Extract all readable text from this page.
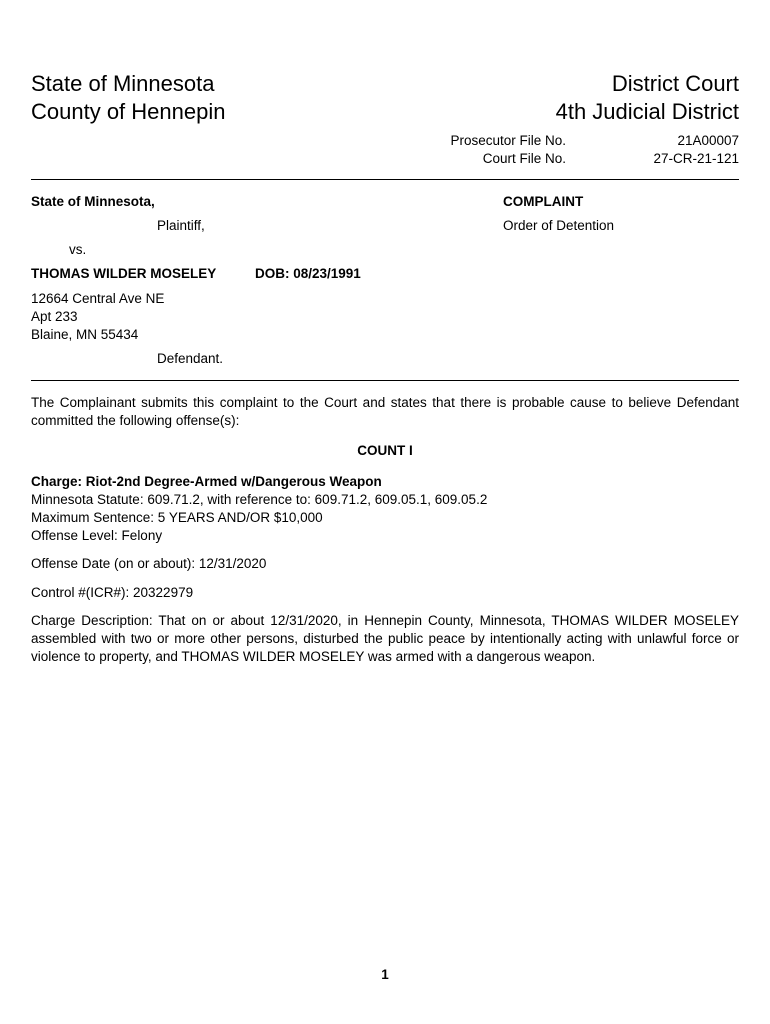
State of Minnesota
County of Hennepin
District Court
4th Judicial District
Prosecutor File No.	21A00007
Court File No.	27-CR-21-121
State of Minnesota,
Plaintiff,
vs.
THOMAS WILDER MOSELEY	DOB: 08/23/1991
12664 Central Ave NE
Apt 233
Blaine, MN 55434
Defendant.
COMPLAINT
Order of Detention
The Complainant submits this complaint to the Court and states that there is probable cause to believe Defendant committed the following offense(s):
COUNT I
Charge: Riot-2nd Degree-Armed w/Dangerous Weapon
Minnesota Statute: 609.71.2, with reference to: 609.71.2, 609.05.1, 609.05.2
Maximum Sentence: 5 YEARS AND/OR $10,000
Offense Level: Felony
Offense Date (on or about): 12/31/2020
Control #(ICR#): 20322979
Charge Description: That on or about 12/31/2020, in Hennepin County, Minnesota, THOMAS WILDER MOSELEY assembled with two or more other persons, disturbed the public peace by intentionally acting with unlawful force or violence to property, and THOMAS WILDER MOSELEY was armed with a dangerous weapon.
1
